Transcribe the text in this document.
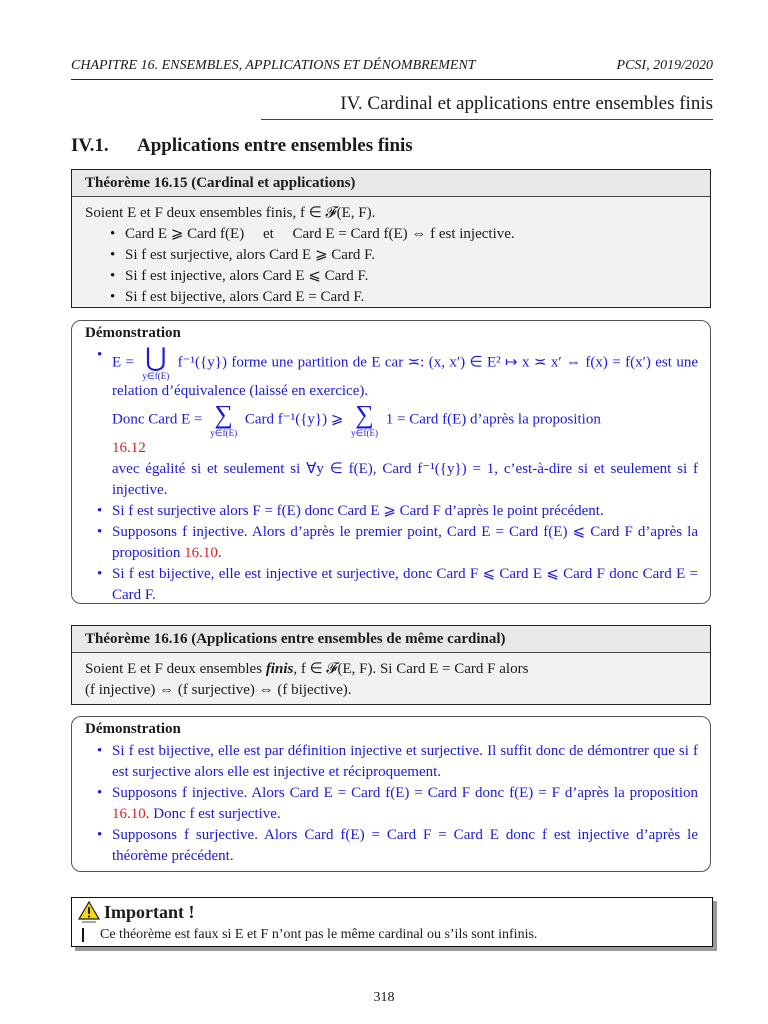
CHAPITRE 16. ENSEMBLES, APPLICATIONS ET DÉNOMBREMENT	PCSI, 2019/2020
IV. Cardinal et applications entre ensembles finis
IV.1. Applications entre ensembles finis
Théorème 16.15 (Cardinal et applications)
Soient E et F deux ensembles finis, f ∈ 𝓕(E, F).
• Card E ⩾ Card f(E)     et     Card E = Card f(E) ⇔ f est injective.
• Si f est surjective, alors Card E ⩾ Card F.
• Si f est injective, alors Card E ⩽ Card F.
• Si f est bijective, alors Card E = Card F.
Démonstration
• E = ⋃
y∈f(E)
f⁻¹({y}) forme une partition de E car ≍: (x, x′) ∈ E² ↦ x ≍ x′ ⇔ f(x) = f(x′) est une relation d’équivalence (laissé en exercice).
Donc Card E = ∑
y∈f(E)
Card f⁻¹({y}) ⩾ ∑
y∈f(E)
1 = Card f(E) d’après la proposition
16.12
avec égalité si et seulement si ∀y ∈ f(E), Card f⁻¹({y}) = 1, c’est-à-dire si et seulement si f injective.
• Si f est surjective alors F = f(E) donc Card E ⩾ Card F d’après le point précédent.
• Supposons f injective. Alors d’après le premier point, Card E = Card f(E) ⩽ Card F d’après la proposition 16.10.
• Si f est bijective, elle est injective et surjective, donc Card F ⩽ Card E ⩽ Card F donc Card E = Card F.
Théorème 16.16 (Applications entre ensembles de même cardinal)
Soient E et F deux ensembles finis, f ∈ 𝓕(E, F). Si Card E = Card F alors
(f injective) ⇔ (f surjective) ⇔ (f bijective).
Démonstration
• Si f est bijective, elle est par définition injective et surjective. Il suffit donc de démontrer que si f est surjective alors elle est injective et réciproquement.
• Supposons f injective. Alors Card E = Card f(E) = Card F donc f(E) = F d’après la proposition 16.10. Donc f est surjective.
• Supposons f surjective. Alors Card f(E) = Card F = Card E donc f est injective d’après le théorème précédent.
Important !
Ce théorème est faux si E et F n’ont pas le même cardinal ou s’ils sont infinis.
318
